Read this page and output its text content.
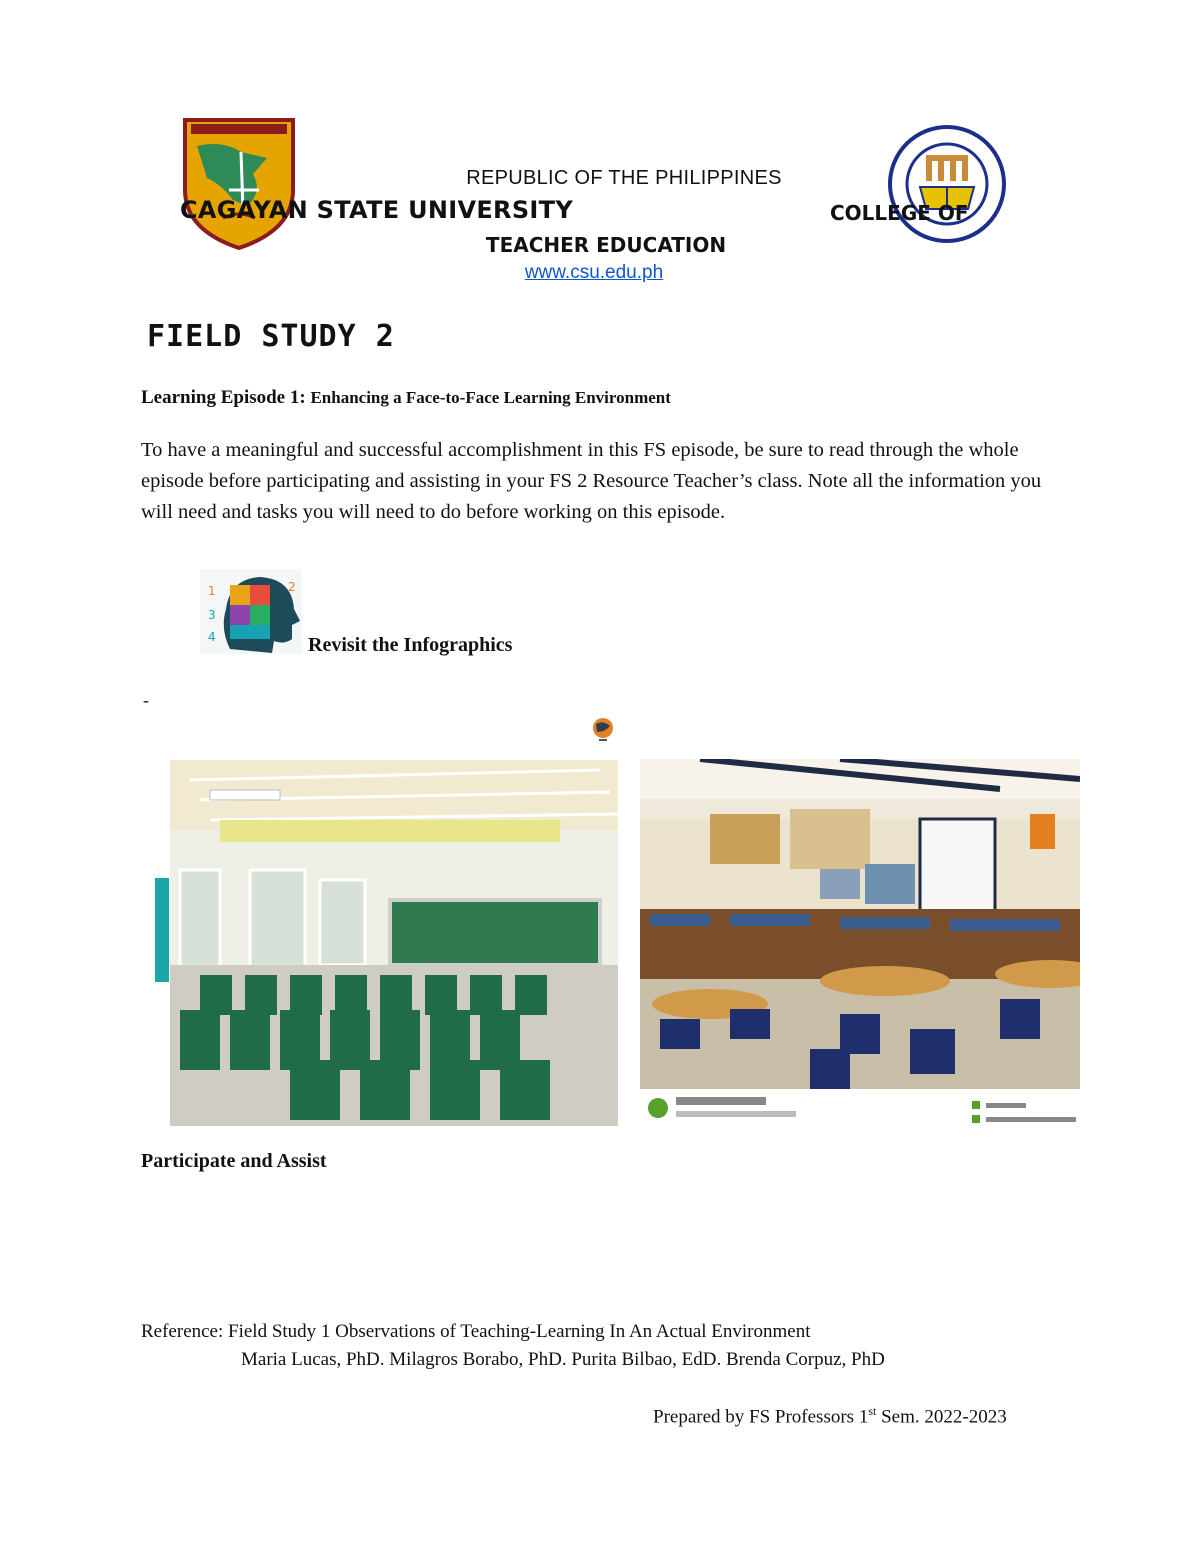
REPUBLIC OF THE PHILIPPINES
CAGAYAN STATE UNIVERSITY	COLLEGE OF
TEACHER EDUCATION
www.csu.edu.ph
FIELD STUDY 2
Learning Episode 1: Enhancing a Face-to-Face Learning Environment
To have a meaningful and successful accomplishment in this FS episode, be sure to read through the whole episode before participating and assisting in your FS 2 Resource Teacher’s class. Note all the information you will need and tasks you will need to do before working on this episode.
1
3
4
2
Revisit the Infographics
-
Participate and Assist
Reference: Field Study 1 Observations of Teaching-Learning In An Actual Environment
Maria Lucas, PhD. Milagros Borabo, PhD. Purita Bilbao, EdD. Brenda Corpuz, PhD
Prepared by FS Professors 1st Sem. 2022-2023
